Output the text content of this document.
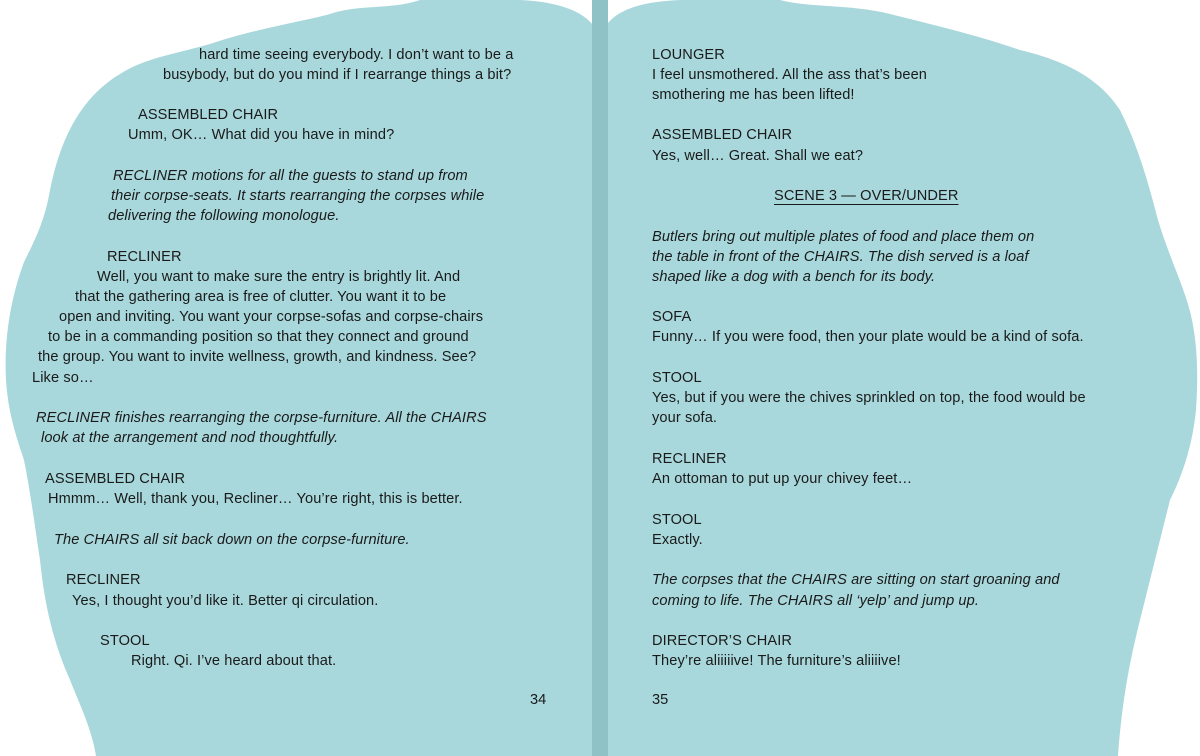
hard time seeing everybody. I don’t want to be a
busybody, but do you mind if I rearrange things a bit?
ASSEMBLED CHAIR
Umm, OK… What did you have in mind?
RECLINER motions for all the guests to stand up from
their corpse-seats. It starts rearranging the corpses while
delivering the following monologue.
RECLINER
Well, you want to make sure the entry is brightly lit. And
that the gathering area is free of clutter. You want it to be
open and inviting. You want your corpse-sofas and corpse-chairs
to be in a commanding position so that they connect and ground
the group. You want to invite wellness, growth, and kindness. See?
Like so…
RECLINER finishes rearranging the corpse-furniture. All the CHAIRS
look at the arrangement and nod thoughtfully.
ASSEMBLED CHAIR
Hmmm… Well, thank you, Recliner… You’re right, this is better.
The CHAIRS all sit back down on the corpse-furniture.
RECLINER
Yes, I thought you’d like it. Better qi circulation.
STOOL
Right. Qi. I’ve heard about that.
34
LOUNGER
I feel unsmothered. All the ass that’s been
smothering me has been lifted!
ASSEMBLED CHAIR
Yes, well… Great. Shall we eat?
SCENE 3 — OVER/UNDER
Butlers bring out multiple plates of food and place them on
the table in front of the CHAIRS. The dish served is a loaf
shaped like a dog with a bench for its body.
SOFA
Funny… If you were food, then your plate would be a kind of sofa.
STOOL
Yes, but if you were the chives sprinkled on top, the food would be
your sofa.
RECLINER
An ottoman to put up your chivey feet…
STOOL
Exactly.
The corpses that the CHAIRS are sitting on start groaning and
coming to life. The CHAIRS all ‘yelp’ and jump up.
DIRECTOR’S CHAIR
They’re aliiiiive! The furniture’s aliiiive!
35
